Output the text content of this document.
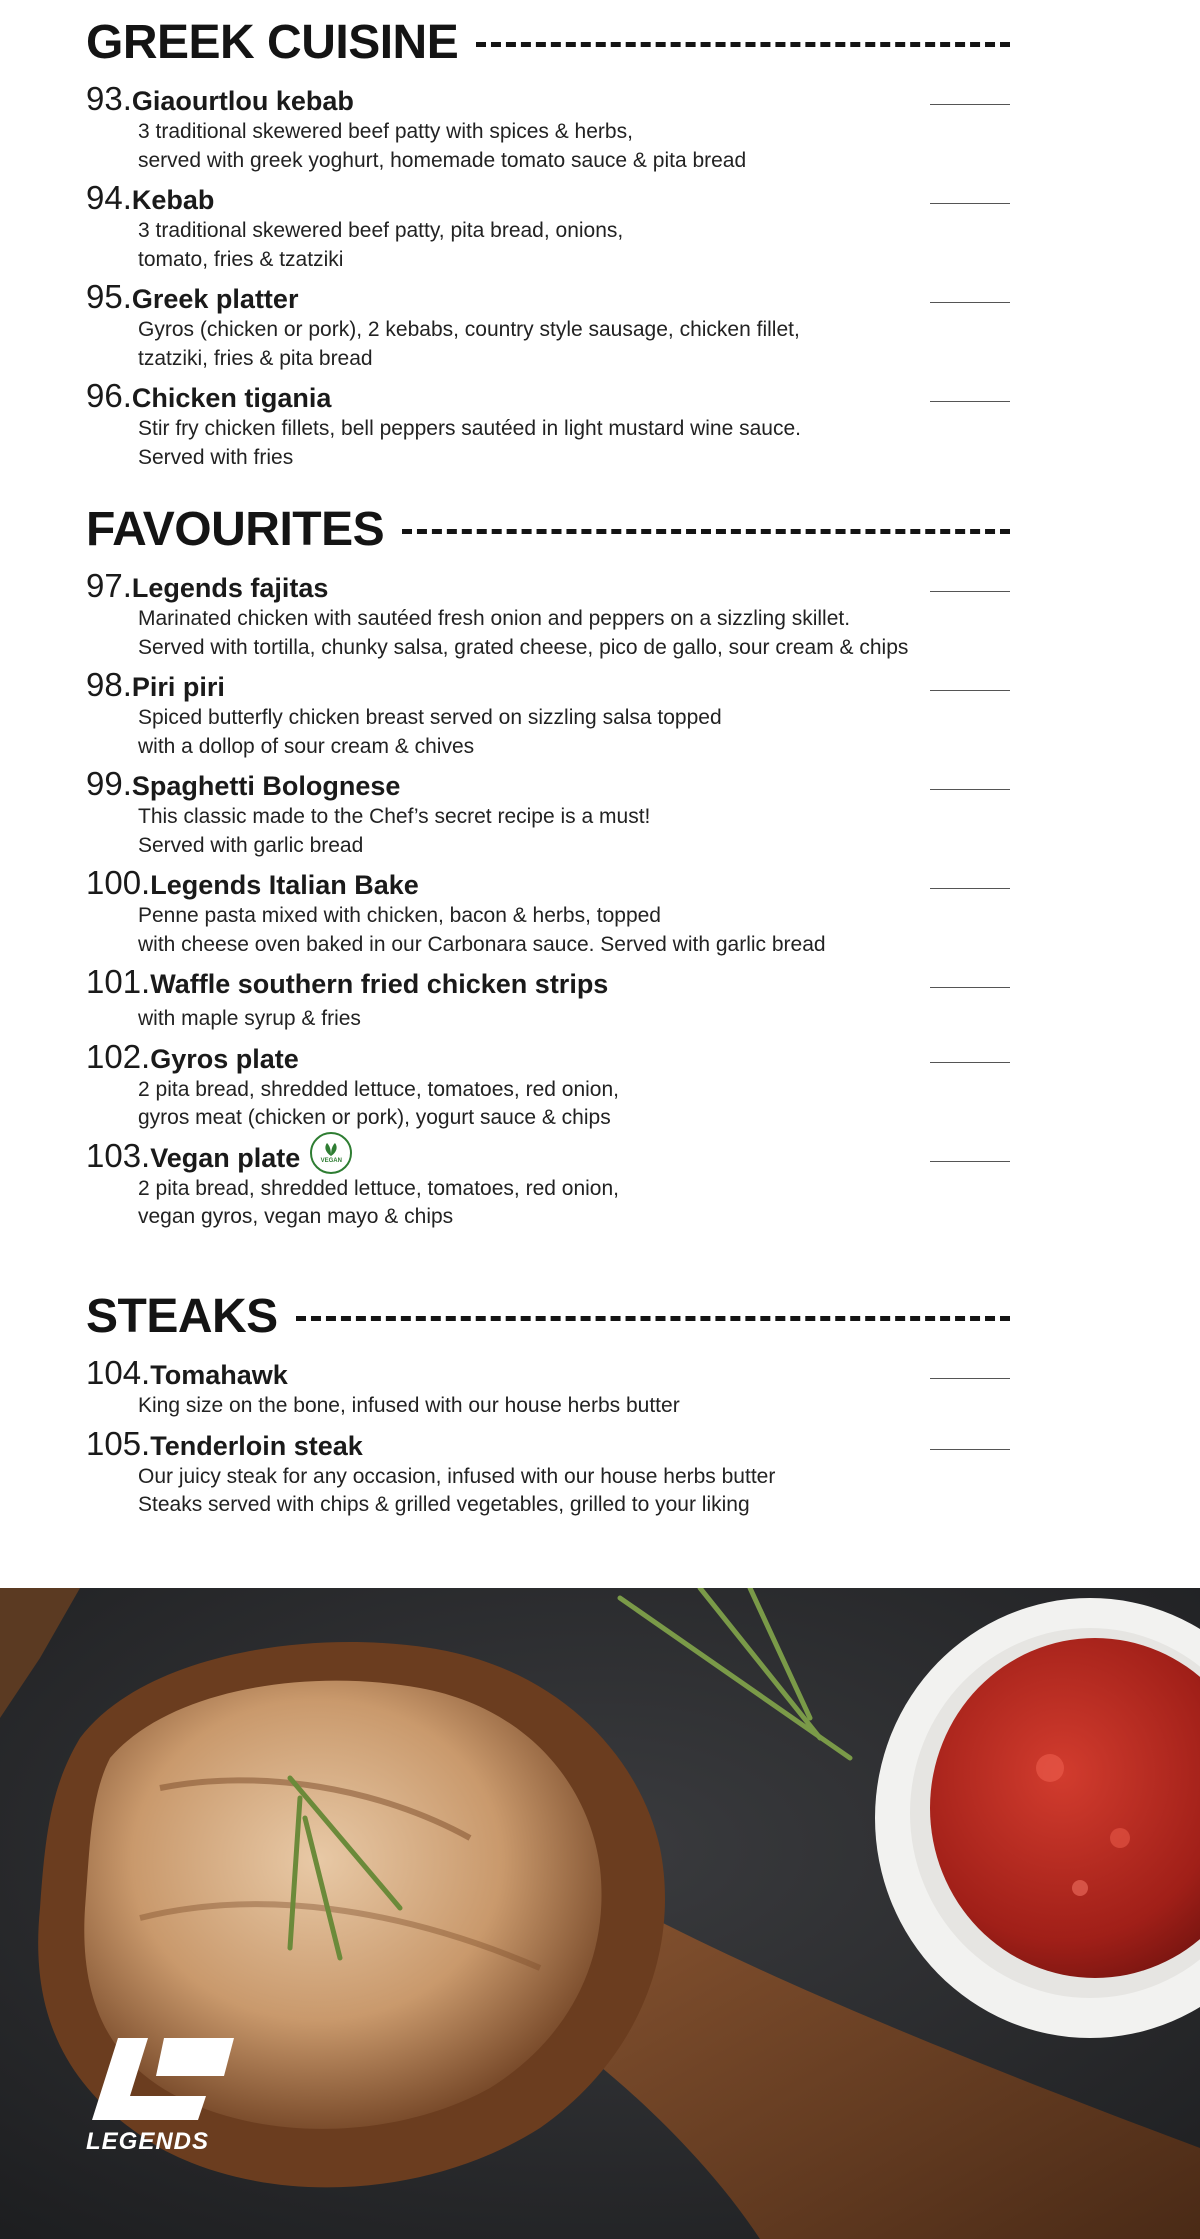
GREEK CUISINE
93. Giaourtlou kebab
3 traditional skewered beef patty with spices & herbs,
served with greek yoghurt, homemade tomato sauce & pita bread
94. Kebab
3 traditional skewered beef patty, pita bread, onions,
tomato, fries & tzatziki
95. Greek platter
Gyros (chicken or pork), 2 kebabs, country style sausage, chicken fillet,
tzatziki, fries & pita bread
96. Chicken tigania
Stir fry chicken fillets, bell peppers sautéed in light mustard wine sauce.
Served with fries
FAVOURITES
97. Legends fajitas
Marinated chicken with sautéed fresh onion and peppers on a sizzling skillet.
Served with tortilla, chunky salsa, grated cheese, pico de gallo, sour cream & chips
98. Piri piri
Spiced butterfly chicken breast served on sizzling salsa topped
with a dollop of sour cream & chives
99. Spaghetti Bolognese
This classic made to the Chef’s secret recipe is a must!
Served with garlic bread
100. Legends Italian Bake
Penne pasta mixed with chicken, bacon & herbs, topped
with cheese oven baked in our Carbonara sauce. Served with garlic bread
101. Waffle southern fried chicken strips
with maple syrup & fries
102. Gyros plate
2 pita bread, shredded lettuce, tomatoes, red onion,
gyros meat (chicken or pork), yogurt sauce & chips
103. Vegan plate	VEGAN
2 pita bread, shredded lettuce, tomatoes, red onion,
vegan gyros, vegan mayo & chips
STEAKS
104. Tomahawk
King size on the bone, infused with our house herbs butter
105. Tenderloin steak
Our juicy steak for any occasion, infused with our house herbs butter
Steaks served with chips & grilled vegetables, grilled to your liking
LEGENDS
